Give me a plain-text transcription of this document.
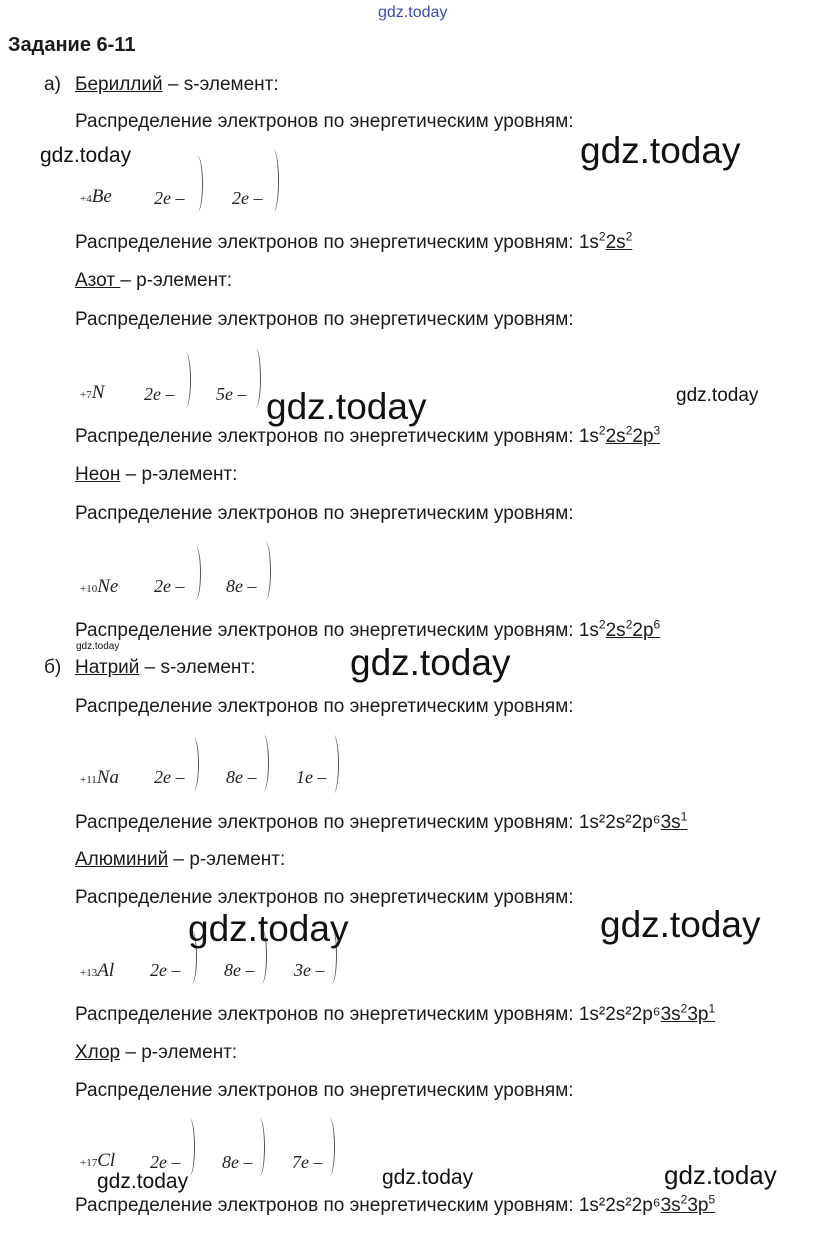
gdz.today
Задание 6-11
а) Бериллий – s-элемент:
Распределение электронов по энергетическим уровням:
+4Be 2e –	2e –
Распределение электронов по энергетическим уровням: $1s^22s^2$
Азот – p-элемент:
Распределение электронов по энергетическим уровням:
+7N 2e – 5e –
Распределение электронов по энергетическим уровням: $1s^22s^22p^3$
Неон – p-элемент:
Распределение электронов по энергетическим уровням:
+10Ne 2e – 8e –
Распределение электронов по энергетическим уровням: $1s^22s^22p^6$
б) Натрий – s-элемент:
Распределение электронов по энергетическим уровням:
+11Na 2e – 8e – 1e –
Распределение электронов по энергетическим уровням: $1s^22s^22p^63s^1$
Алюминий – p-элемент:
Распределение электронов по энергетическим уровням:
+13Al 2e – 8e – 3e –
Распределение электронов по энергетическим уровням: $1s^22s^22p^63s^23p^1$
Хлор – p-элемент:
Распределение электронов по энергетическим уровням:
+17Cl 2e – 8e – 7e –
Распределение электронов по энергетическим уровням: $1s^22s^22p^63s^23p^5$
gdz.today	gdz.today
gdz.today	gdz.today
gdz.today	gdz.today
gdz.today	gdz.today
gdz.today	gdz.today	gdz.today
